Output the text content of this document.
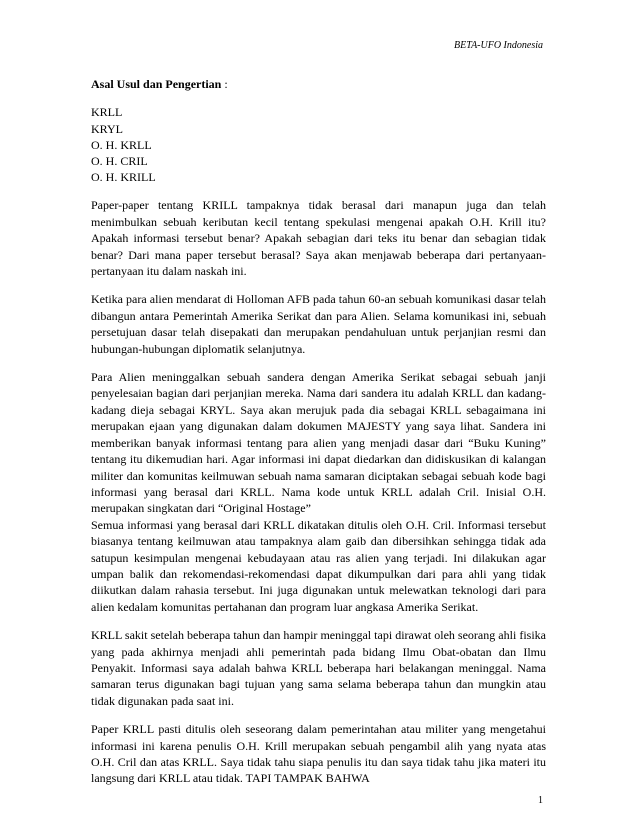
BETA-UFO Indonesia
Asal Usul dan Pengertian :
KRLL
KRYL
O. H. KRLL
O. H. CRIL
O. H. KRILL

Paper-paper tentang KRILL tampaknya tidak berasal dari manapun juga dan telah menimbulkan sebuah keributan kecil tentang spekulasi mengenai apakah O.H. Krill itu?Apakah informasi tersebut benar? Apakah sebagian dari teks itu benar dan sebagian tidak benar? Dari mana paper tersebut berasal? Saya akan menjawab beberapa dari pertanyaan-pertanyaan itu dalam naskah ini.

Ketika para alien mendarat di Holloman AFB pada tahun 60-an sebuah komunikasi dasar telah dibangun antara Pemerintah Amerika Serikat dan para Alien. Selama komunikasi ini, sebuah persetujuan dasar telah disepakati dan merupakan pendahuluan untuk perjanjian resmi dan hubungan-hubungan diplomatik selanjutnya.

Para Alien meninggalkan sebuah sandera dengan Amerika Serikat sebagai sebuah janji penyelesaian bagian dari perjanjian mereka. Nama dari sandera itu adalah KRLL dan kadang-kadang dieja sebagai KRYL. Saya akan merujuk pada dia sebagai KRLL sebagaimana ini merupakan ejaan yang digunakan dalam dokumen MAJESTY yang saya lihat. Sandera ini memberikan banyak informasi tentang para alien yang menjadi dasar dari “Buku Kuning” tentang itu dikemudian hari. Agar informasi ini dapat diedarkan dan didiskusikan di kalangan militer dan komunitas keilmuwan sebuah nama samaran diciptakan sebagai sebuah kode bagi informasi yang berasal dari KRLL. Nama kode untuk KRLL adalah Cril. Inisial O.H. merupakan singkatan dari “Original Hostage”

Semua informasi yang berasal dari KRLL dikatakan ditulis oleh O.H. Cril. Informasi tersebut biasanya tentang keilmuwan atau tampaknya alam gaib dan dibersihkan sehingga tidak ada satupun kesimpulan mengenai kebudayaan atau ras alien yang terjadi. Ini dilakukan agar umpan balik dan rekomendasi-rekomendasi dapat dikumpulkan dari para ahli yang tidak diikutkan dalam rahasia tersebut. Ini juga digunakan untuk melewatkan teknologi dari para alien kedalam komunitas pertahanan dan program luar angkasa Amerika Serikat.

KRLL sakit setelah beberapa tahun dan hampir meninggal tapi dirawat oleh seorang ahli fisika yang pada akhirnya menjadi ahli pemerintah pada bidang Ilmu Obat-obatan dan Ilmu Penyakit. Informasi saya adalah bahwa KRLL beberapa hari belakangan meninggal. Nama samaran terus digunakan bagi tujuan yang sama selama beberapa tahun dan mungkin atau tidak digunakan pada saat ini.

Paper KRLL pasti ditulis oleh seseorang dalam pemerintahan atau militer yang mengetahui informasi ini karena penulis O.H. Krill merupakan sebuah pengambil alih yang nyata atas O.H. Cril dan atas KRLL. Saya tidak tahu siapa penulis itu dan saya tidak tahu jika materi itu langsung dari KRLL atau tidak. TAPI TAMPAK BAHWA

1
